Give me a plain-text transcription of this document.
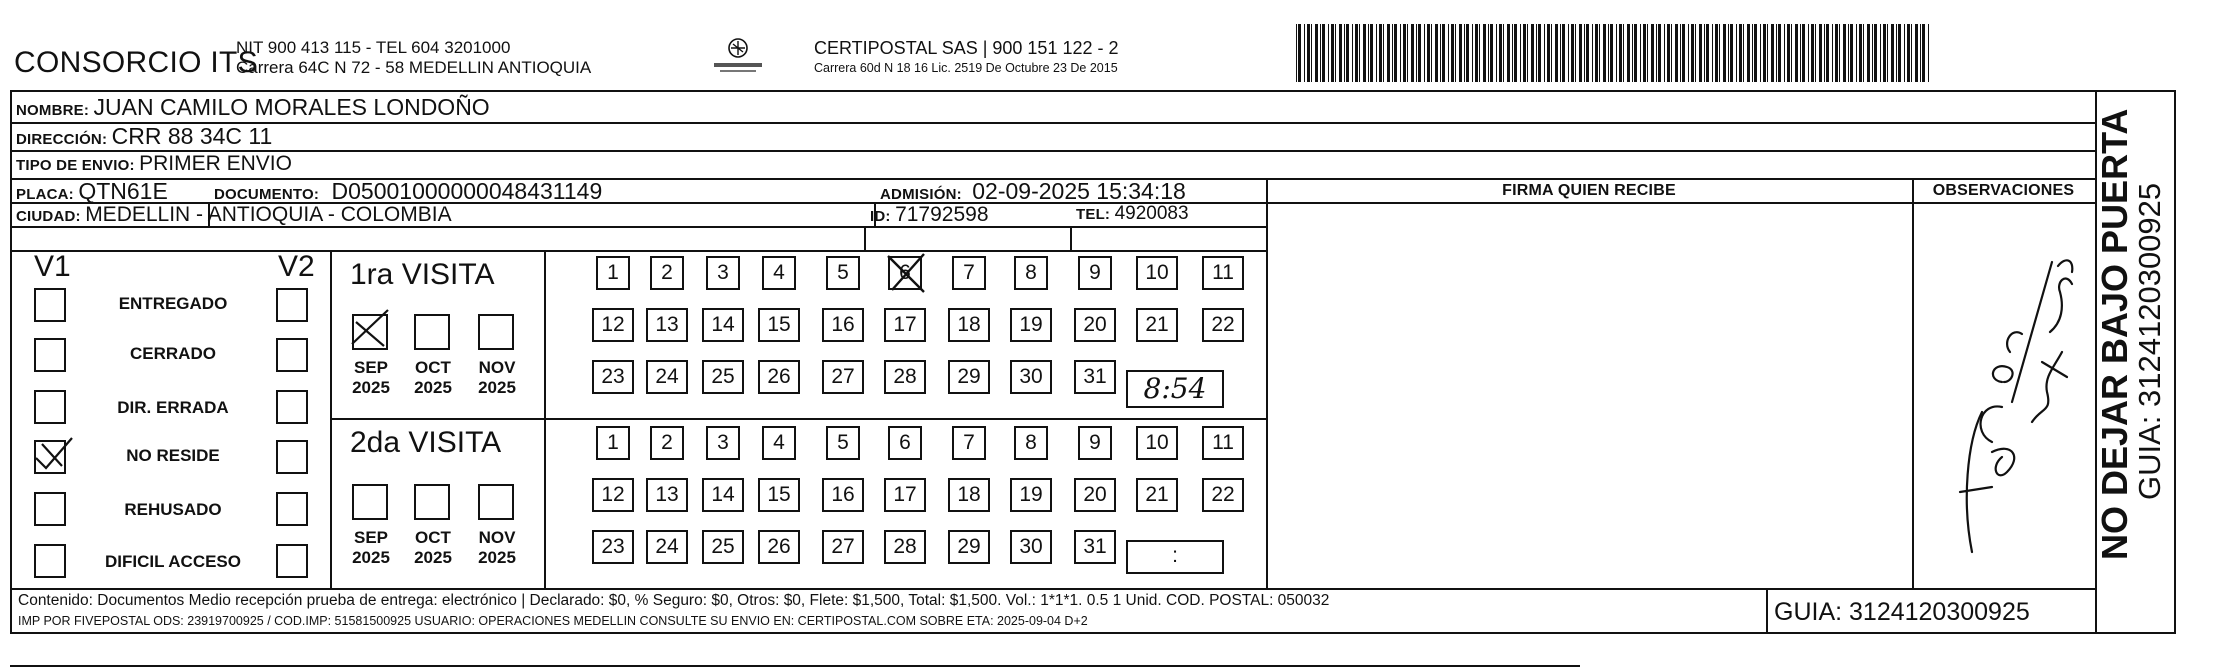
CONSORCIO ITS
NIT 900 413 115 - TEL 604 3201000
Carrera 64C N 72 - 58 MEDELLIN ANTIOQUIA
CERTIPOSTAL SAS | 900 151 122 - 2
Carrera 60d N 18 16 Lic. 2519 De Octubre 23 De 2015
NOMBRE: JUAN CAMILO MORALES LONDOÑO
DIRECCIÓN: CRR 88 34C 11
TIPO DE ENVIO: PRIMER ENVIO
PLACA: QTN61E	DOCUMENTO: D05001000000048431149	ADMISIÓN: 02-09-2025 15:34:18
CIUDAD: MEDELLIN - ANTIOQUIA - COLOMBIA	ID: 71792598	TEL: 4920083
FIRMA QUIEN RECIBE	OBSERVACIONES
V1	V2
ENTREGADO
CERRADO
DIR. ERRADA
NO RESIDE
REHUSADO
DIFICIL ACCESO
1ra VISITA
SEP
2025
OCT
2025
NOV
2025
2da VISITA
SEP
2025
OCT
2025
NOV
2025
1	2	3	4	5	6	7	8	9	10	11
12	13	14	15	16	17	18	19	20	21	22
23	24	25	26	27	28	29	30	31
1	2	3	4	5	6	7	8	9	10	11
12	13	14	15	16	17	18	19	20	21	22
23	24	25	26	27	28	29	30	31
8:54
:
Contenido: Documentos Medio recepción prueba de entrega: electrónico | Declarado: $0, % Seguro: $0, Otros: $0, Flete: $1,500, Total: $1,500. Vol.: 1*1*1. 0.5 1 Unid. COD. POSTAL: 050032
IMP POR FIVEPOSTAL ODS: 23919700925 / COD.IMP: 51581500925 USUARIO: OPERACIONES MEDELLIN CONSULTE SU ENVIO EN: CERTIPOSTAL.COM SOBRE ETA: 2025-09-04 D+2	GUIA: 3124120300925
NO DEJAR BAJO PUERTA
GUIA: 3124120300925
